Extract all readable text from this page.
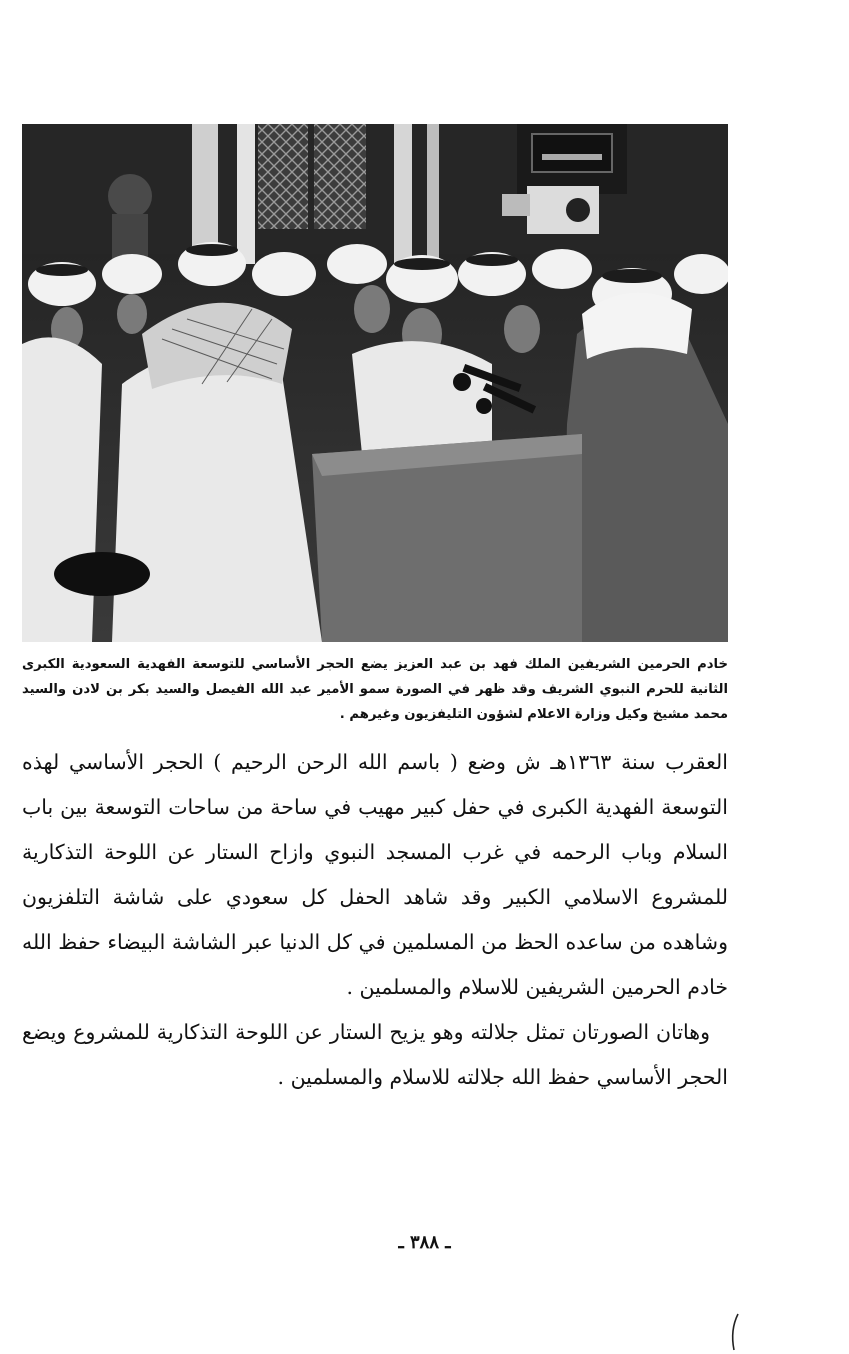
خادم الحرمين الشريفين الملك فهد بن عبد العزيز يضع الحجر الأساسي للتوسعة الفهدية السعودية الكبرى الثانية للحرم النبوي الشريف وقد ظهر في الصورة سمو الأمير عبد الله الفيصل والسيد بكر بن لادن والسيد محمد مشيخ وكيل وزارة الاعلام لشؤون التليفزيون وغيرهم .

العقرب سنة ١٣٦٣هـ ش وضع ( باسم الله الرحن الرحيم ) الحجر الأساسي لهذه التوسعة الفهدية الكبرى في حفل كبير مهيب في ساحة من ساحات التوسعة بين باب السلام وباب الرحمه في غرب المسجد النبوي وازاح الستار عن اللوحة التذكارية للمشروع الاسلامي الكبير وقد شاهد الحفل كل سعودي على شاشة التلفزيون وشاهده من ساعده الحظ من المسلمين في كل الدنيا عبر الشاشة البيضاء حفظ الله خادم الحرمين الشريفين للاسلام والمسلمين .

وهاتان الصورتان تمثل جلالته وهو يزيح الستار عن اللوحة التذكارية للمشروع ويضع الحجر الأساسي حفظ الله جلالته للاسلام والمسلمين .

ـ ٣٨٨ ـ
